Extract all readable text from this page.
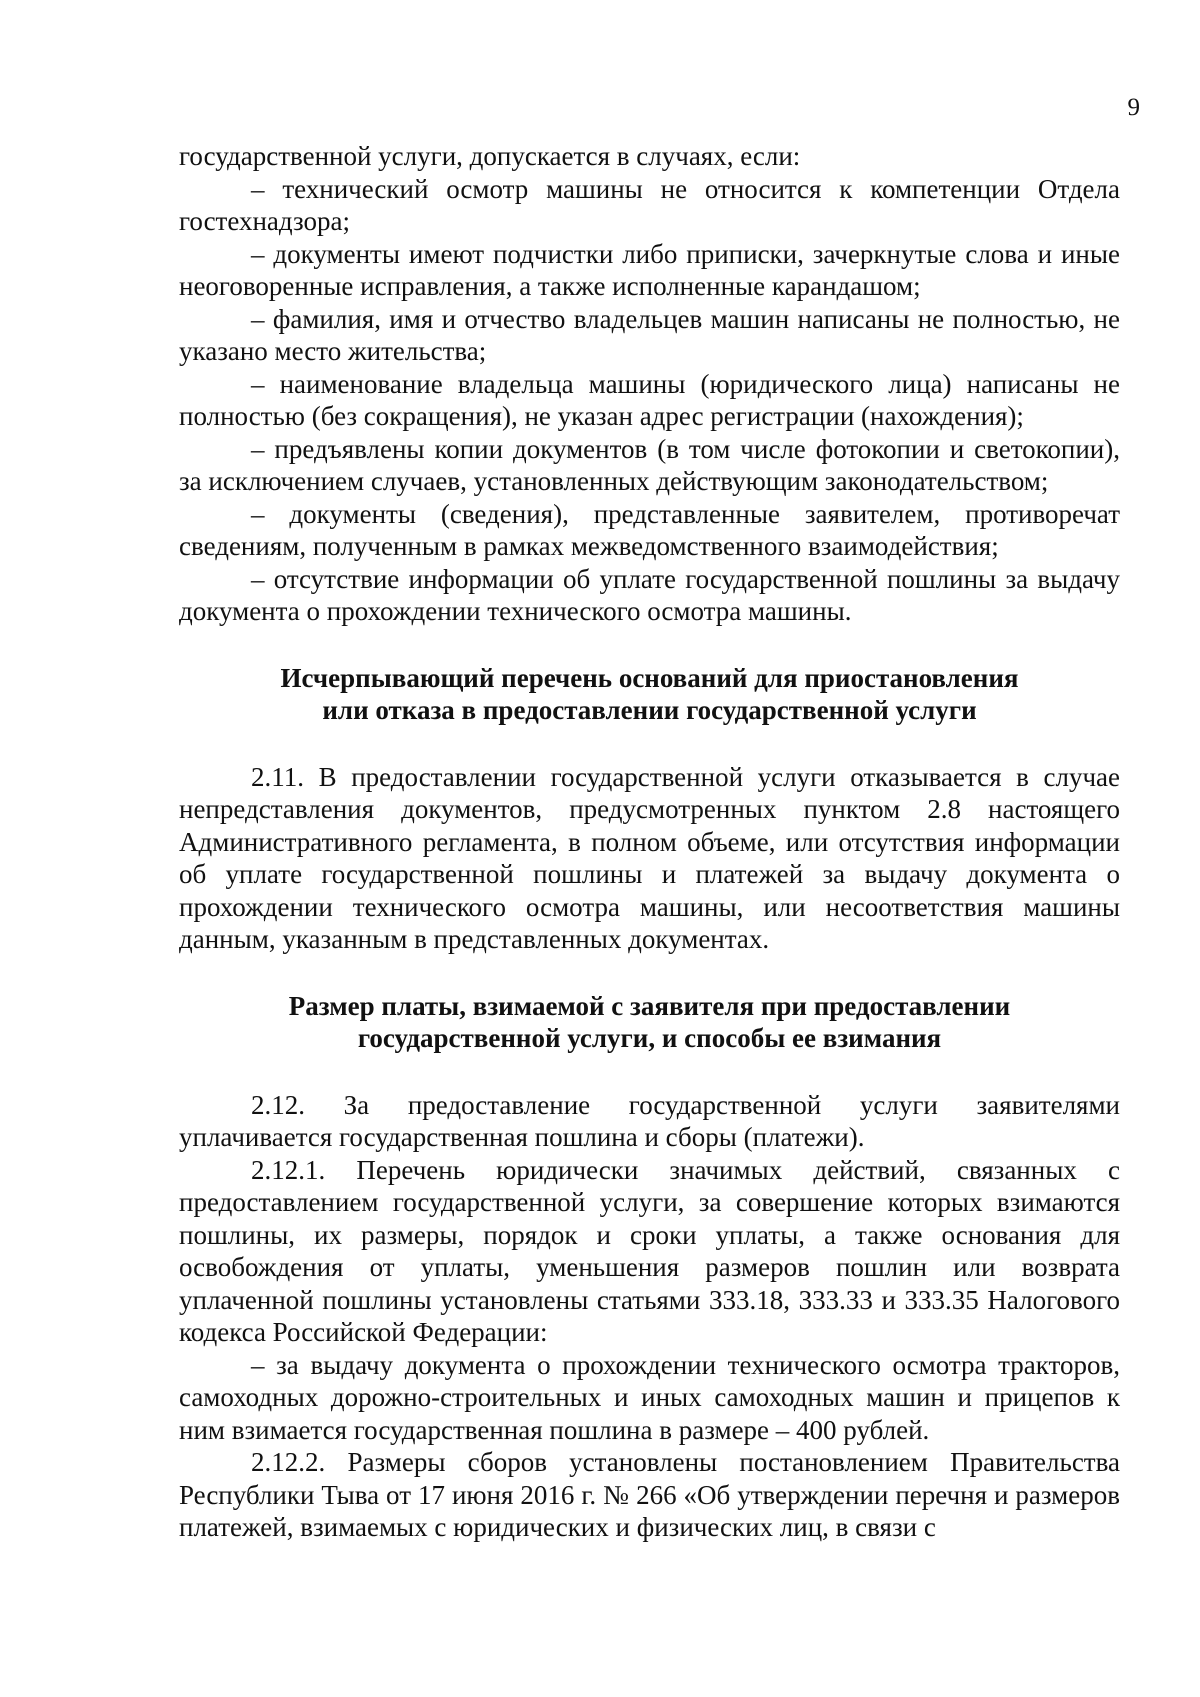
9

государственной услуги, допускается в случаях, если:

– технический осмотр машины не относится к компетенции Отдела гостехнадзора;

– документы имеют подчистки либо приписки, зачеркнутые слова и иные неоговоренные исправления, а также исполненные карандашом;

– фамилия, имя и отчество владельцев машин написаны не полностью, не указано место жительства;

– наименование владельца машины (юридического лица) написаны не полностью (без сокращения), не указан адрес регистрации (нахождения);

– предъявлены копии документов (в том числе фотокопии и светокопии), за исключением случаев, установленных действующим законодательством;

– документы (сведения), представленные заявителем, противоречат сведениям, полученным в рамках межведомственного взаимодействия;

– отсутствие информации об уплате государственной пошлины за выдачу документа о прохождении технического осмотра машины.

Исчерпывающий перечень оснований для приостановления
или отказа в предоставлении государственной услуги

2.11. В предоставлении государственной услуги отказывается в случае непредставления документов, предусмотренных пунктом 2.8 настоящего Административного регламента, в полном объеме, или отсутствия информации об уплате государственной пошлины и платежей за выдачу документа о прохождении технического осмотра машины, или несоответствия машины данным, указанным в представленных документах.

Размер платы, взимаемой с заявителя при предоставлении
государственной услуги, и способы ее взимания

2.12. За предоставление государственной услуги заявителями уплачивается государственная пошлина и сборы (платежи).

2.12.1. Перечень юридически значимых действий, связанных с предоставлением государственной услуги, за совершение которых взимаются пошлины, их размеры, порядок и сроки уплаты, а также основания для освобождения от уплаты, уменьшения размеров пошлин или возврата уплаченной пошлины установлены статьями 333.18, 333.33 и 333.35 Налогового кодекса Российской Федерации:

– за выдачу документа о прохождении технического осмотра тракторов, самоходных дорожно-строительных и иных самоходных машин и прицепов к ним взимается государственная пошлина в размере – 400 рублей.

2.12.2. Размеры сборов установлены постановлением Правительства Республики Тыва от 17 июня 2016 г. № 266 «Об утверждении перечня и размеров платежей, взимаемых с юридических и физических лиц, в связи с
